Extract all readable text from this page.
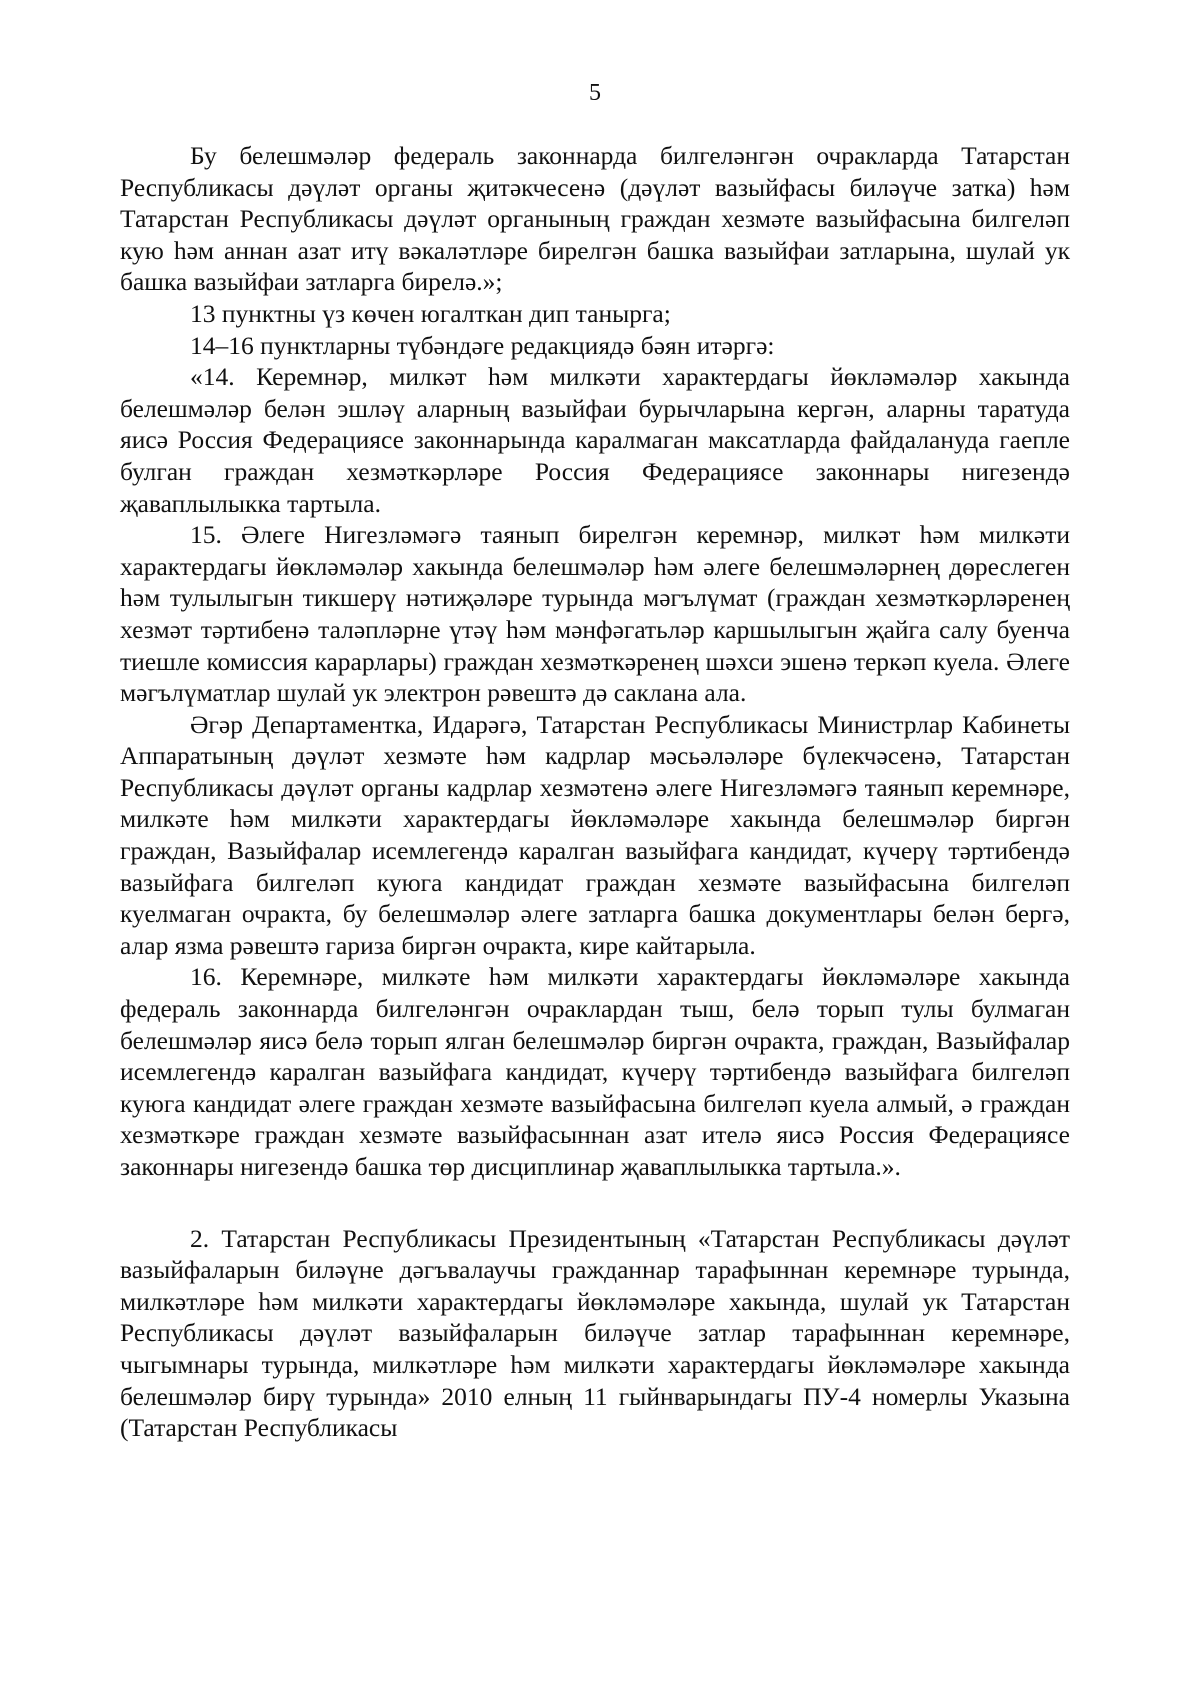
5

Бу белешмәләр федераль законнарда билгеләнгән очракларда Татарстан Республикасы дәүләт органы җитәкчесенә (дәүләт вазыйфасы биләүче затка) һәм Татарстан Республикасы дәүләт органының граждан хезмәте вазыйфасына билгеләп кую һәм аннан азат итү вәкаләтләре бирелгән башка вазыйфаи затларына, шулай ук башка вазыйфаи затларга бирелә.»;

13 пунктны үз көчен югалткан дип танырга;

14–16 пунктларны түбәндәге редакциядә бәян итәргә:

«14. Керемнәр, милкәт һәм милкәти характердагы йөкләмәләр хакында белешмәләр белән эшләү аларның вазыйфаи бурычларына кергән, аларны таратуда яисә Россия Федерациясе законнарында каралмаган максатларда файдалануда гаепле булган граждан хезмәткәрләре Россия Федерациясе законнары нигезендә җаваплылыкка тартыла.

15. Әлеге Нигезләмәгә таянып бирелгән керемнәр, милкәт һәм милкәти характердагы йөкләмәләр хакында белешмәләр һәм әлеге белешмәләрнең дөреслеген һәм тулылыгын тикшерү нәтиҗәләре турында мәгълүмат (граждан хезмәткәрләренең хезмәт тәртибенә таләпләрне үтәү һәм мәнфәгатьләр каршылыгын җайга салу буенча тиешле комиссия карарлары) граждан хезмәткәренең шәхси эшенә теркәп куела. Әлеге мәгълүматлар шулай ук электрон рәвештә дә саклана ала.

Әгәр Департаментка, Идарәгә, Татарстан Республикасы Министрлар Кабинеты Аппаратының дәүләт хезмәте һәм кадрлар мәсьәләләре бүлекчәсенә, Татарстан Республикасы дәүләт органы кадрлар хезмәтенә әлеге Нигезләмәгә таянып керемнәре, милкәте һәм милкәти характердагы йөкләмәләре хакында белешмәләр биргән граждан, Вазыйфалар исемлегендә каралган вазыйфага кандидат, күчерү тәртибендә вазыйфага билгеләп куюга кандидат граждан хезмәте вазыйфасына билгеләп куелмаган очракта, бу белешмәләр әлеге затларга башка документлары белән бергә, алар язма рәвештә гариза биргән очракта, кире кайтарыла.

16. Керемнәре, милкәте һәм милкәти характердагы йөкләмәләре хакында федераль законнарда билгеләнгән очраклардан тыш, белә торып тулы булмаган белешмәләр яисә белә торып ялган белешмәләр биргән очракта, граждан, Вазыйфалар исемлегендә каралган вазыйфага кандидат, күчерү тәртибендә вазыйфага билгеләп куюга кандидат әлеге граждан хезмәте вазыйфасына билгеләп куела алмый, ә граждан хезмәткәре граждан хезмәте вазыйфасыннан азат ителә яисә Россия Федерациясе законнары нигезендә башка төр дисциплинар җаваплылыкка тартыла.».

2. Татарстан Республикасы Президентының «Татарстан Республикасы дәүләт вазыйфаларын биләүне дәгъвалаучы гражданнар тарафыннан керемнәре турында, милкәтләре һәм милкәти характердагы йөкләмәләре хакында, шулай ук Татарстан Республикасы дәүләт вазыйфаларын биләүче затлар тарафыннан керемнәре, чыгымнары турында, милкәтләре һәм милкәти характердагы йөкләмәләре хакында белешмәләр бирү турында» 2010 елның 11 гыйнварындагы ПУ-4 номерлы Указына (Татарстан Республикасы
